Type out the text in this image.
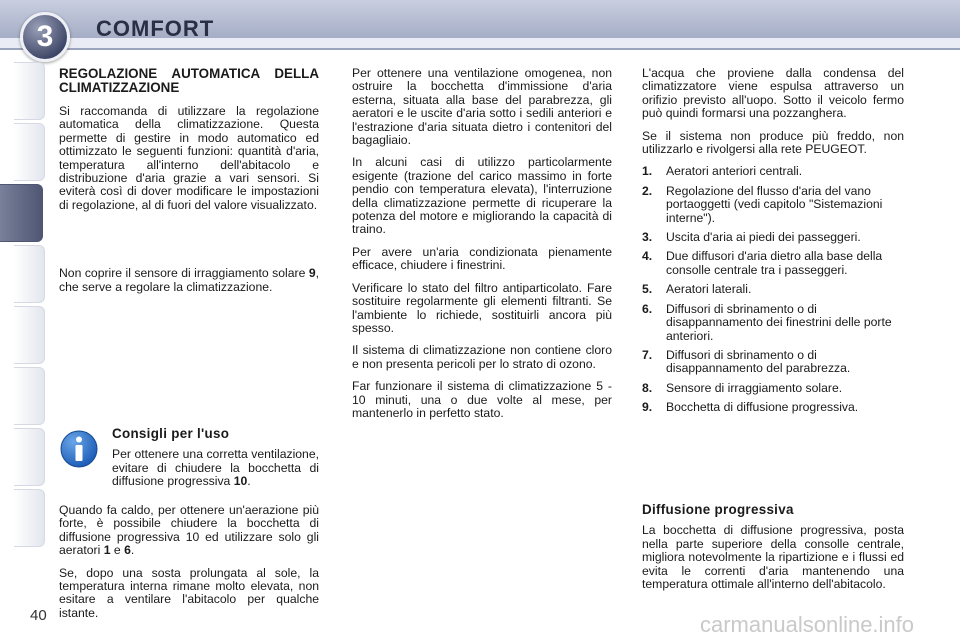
3	COMFORT
REGOLAZIONE AUTOMATICA DELLA CLIMATIZZAZIONE

Si raccomanda di utilizzare la regolazione automatica della climatizzazione. Questa permette di gestire in modo automatico ed ottimizzato le seguenti funzioni: quantità d'aria, temperatura all'interno dell'abitacolo e distribuzione d'aria grazie a vari sensori. Si eviterà così di dover modificare le impostazioni di regolazione, al di fuori del valore visualizzato.

Non coprire il sensore di irraggiamento solare 9, che serve a regolare la climatizzazione.

Consigli per l'uso

Per ottenere una corretta ventilazione, evitare di chiudere la bocchetta di diffusione progressiva 10.

Quando fa caldo, per ottenere un'aerazione più forte, è possibile chiudere la bocchetta di diffusione progressiva 10 ed utilizzare solo gli aeratori 1 e 6.

Se, dopo una sosta prolungata al sole, la temperatura interna rimane molto elevata, non esitare a ventilare l'abitacolo per qualche istante.

Per ottenere una ventilazione omogenea, non ostruire la bocchetta d'immissione d'aria esterna, situata alla base del parabrezza, gli aeratori e le uscite d'aria sotto i sedili anteriori e l'estrazione d'aria situata dietro i contenitori del bagagliaio.

In alcuni casi di utilizzo particolarmente esigente (trazione del carico massimo in forte pendio con temperatura elevata), l'interruzione della climatizzazione permette di ricuperare la potenza del motore e migliorando la capacità di traino.

Per avere un'aria condizionata pienamente efficace, chiudere i finestrini.

Verificare lo stato del filtro antiparticolato. Fare sostituire regolarmente gli elementi filtranti. Se l'ambiente lo richiede, sostituirli ancora più spesso.

Il sistema di climatizzazione non contiene cloro e non presenta pericoli per lo strato di ozono.

Far funzionare il sistema di climatizzazione 5 - 10 minuti, una o due volte al mese, per mantenerlo in perfetto stato.

L'acqua che proviene dalla condensa del climatizzatore viene espulsa attraverso un orifizio previsto all'uopo. Sotto il veicolo fermo può quindi formarsi una pozzanghera.

Se il sistema non produce più freddo, non utilizzarlo e rivolgersi alla rete PEUGEOT.

1.	Aeratori anteriori centrali.
2.	Regolazione del flusso d'aria del vano portaoggetti (vedi capitolo "Sistemazioni interne").
3.	Uscita d'aria ai piedi dei passeggeri.
4.	Due diffusori d'aria dietro alla base della consolle centrale tra i passeggeri.
5.	Aeratori laterali.
6.	Diffusori di sbrinamento o di disappannamento dei finestrini delle porte anteriori.
7.	Diffusori di sbrinamento o di disappannamento del parabrezza.
8.	Sensore di irraggiamento solare.
9.	Bocchetta di diffusione progressiva.
Diffusione progressiva

La bocchetta di diffusione progressiva, posta nella parte superiore della consolle centrale, migliora notevolmente la ripartizione e i flussi ed evita le correnti d'aria mantenendo una temperatura ottimale all'interno dell'abitacolo.

40	carmanualsonline.info
